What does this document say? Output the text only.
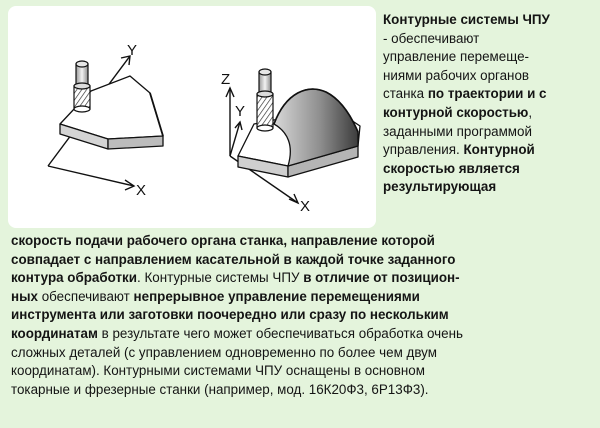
Y
X
Z
Y
X
Контурные системы ЧПУ
- обеспечивают
управление перемеще-
ниями рабочих органов
станка по траектории и с
контурной скоростью,
заданными программой
управления. Контурной
скоростью является
результирующая
скорость подачи рабочего органа станка, направление которой
совпадает с направлением касательной в каждой точке заданного
контура обработки. Контурные системы ЧПУ в отличие от позицион-
ных обеспечивают непрерывное управление перемещениями
инструмента или заготовки поочередно или сразу по нескольким
координатам в результате чего может обеспечиваться обработка очень
сложных деталей (с управлением одновременно по более чем двум
координатам). Контурными системами ЧПУ оснащены в основном
токарные и фрезерные станки (например, мод. 16К20Ф3, 6Р13Ф3).
